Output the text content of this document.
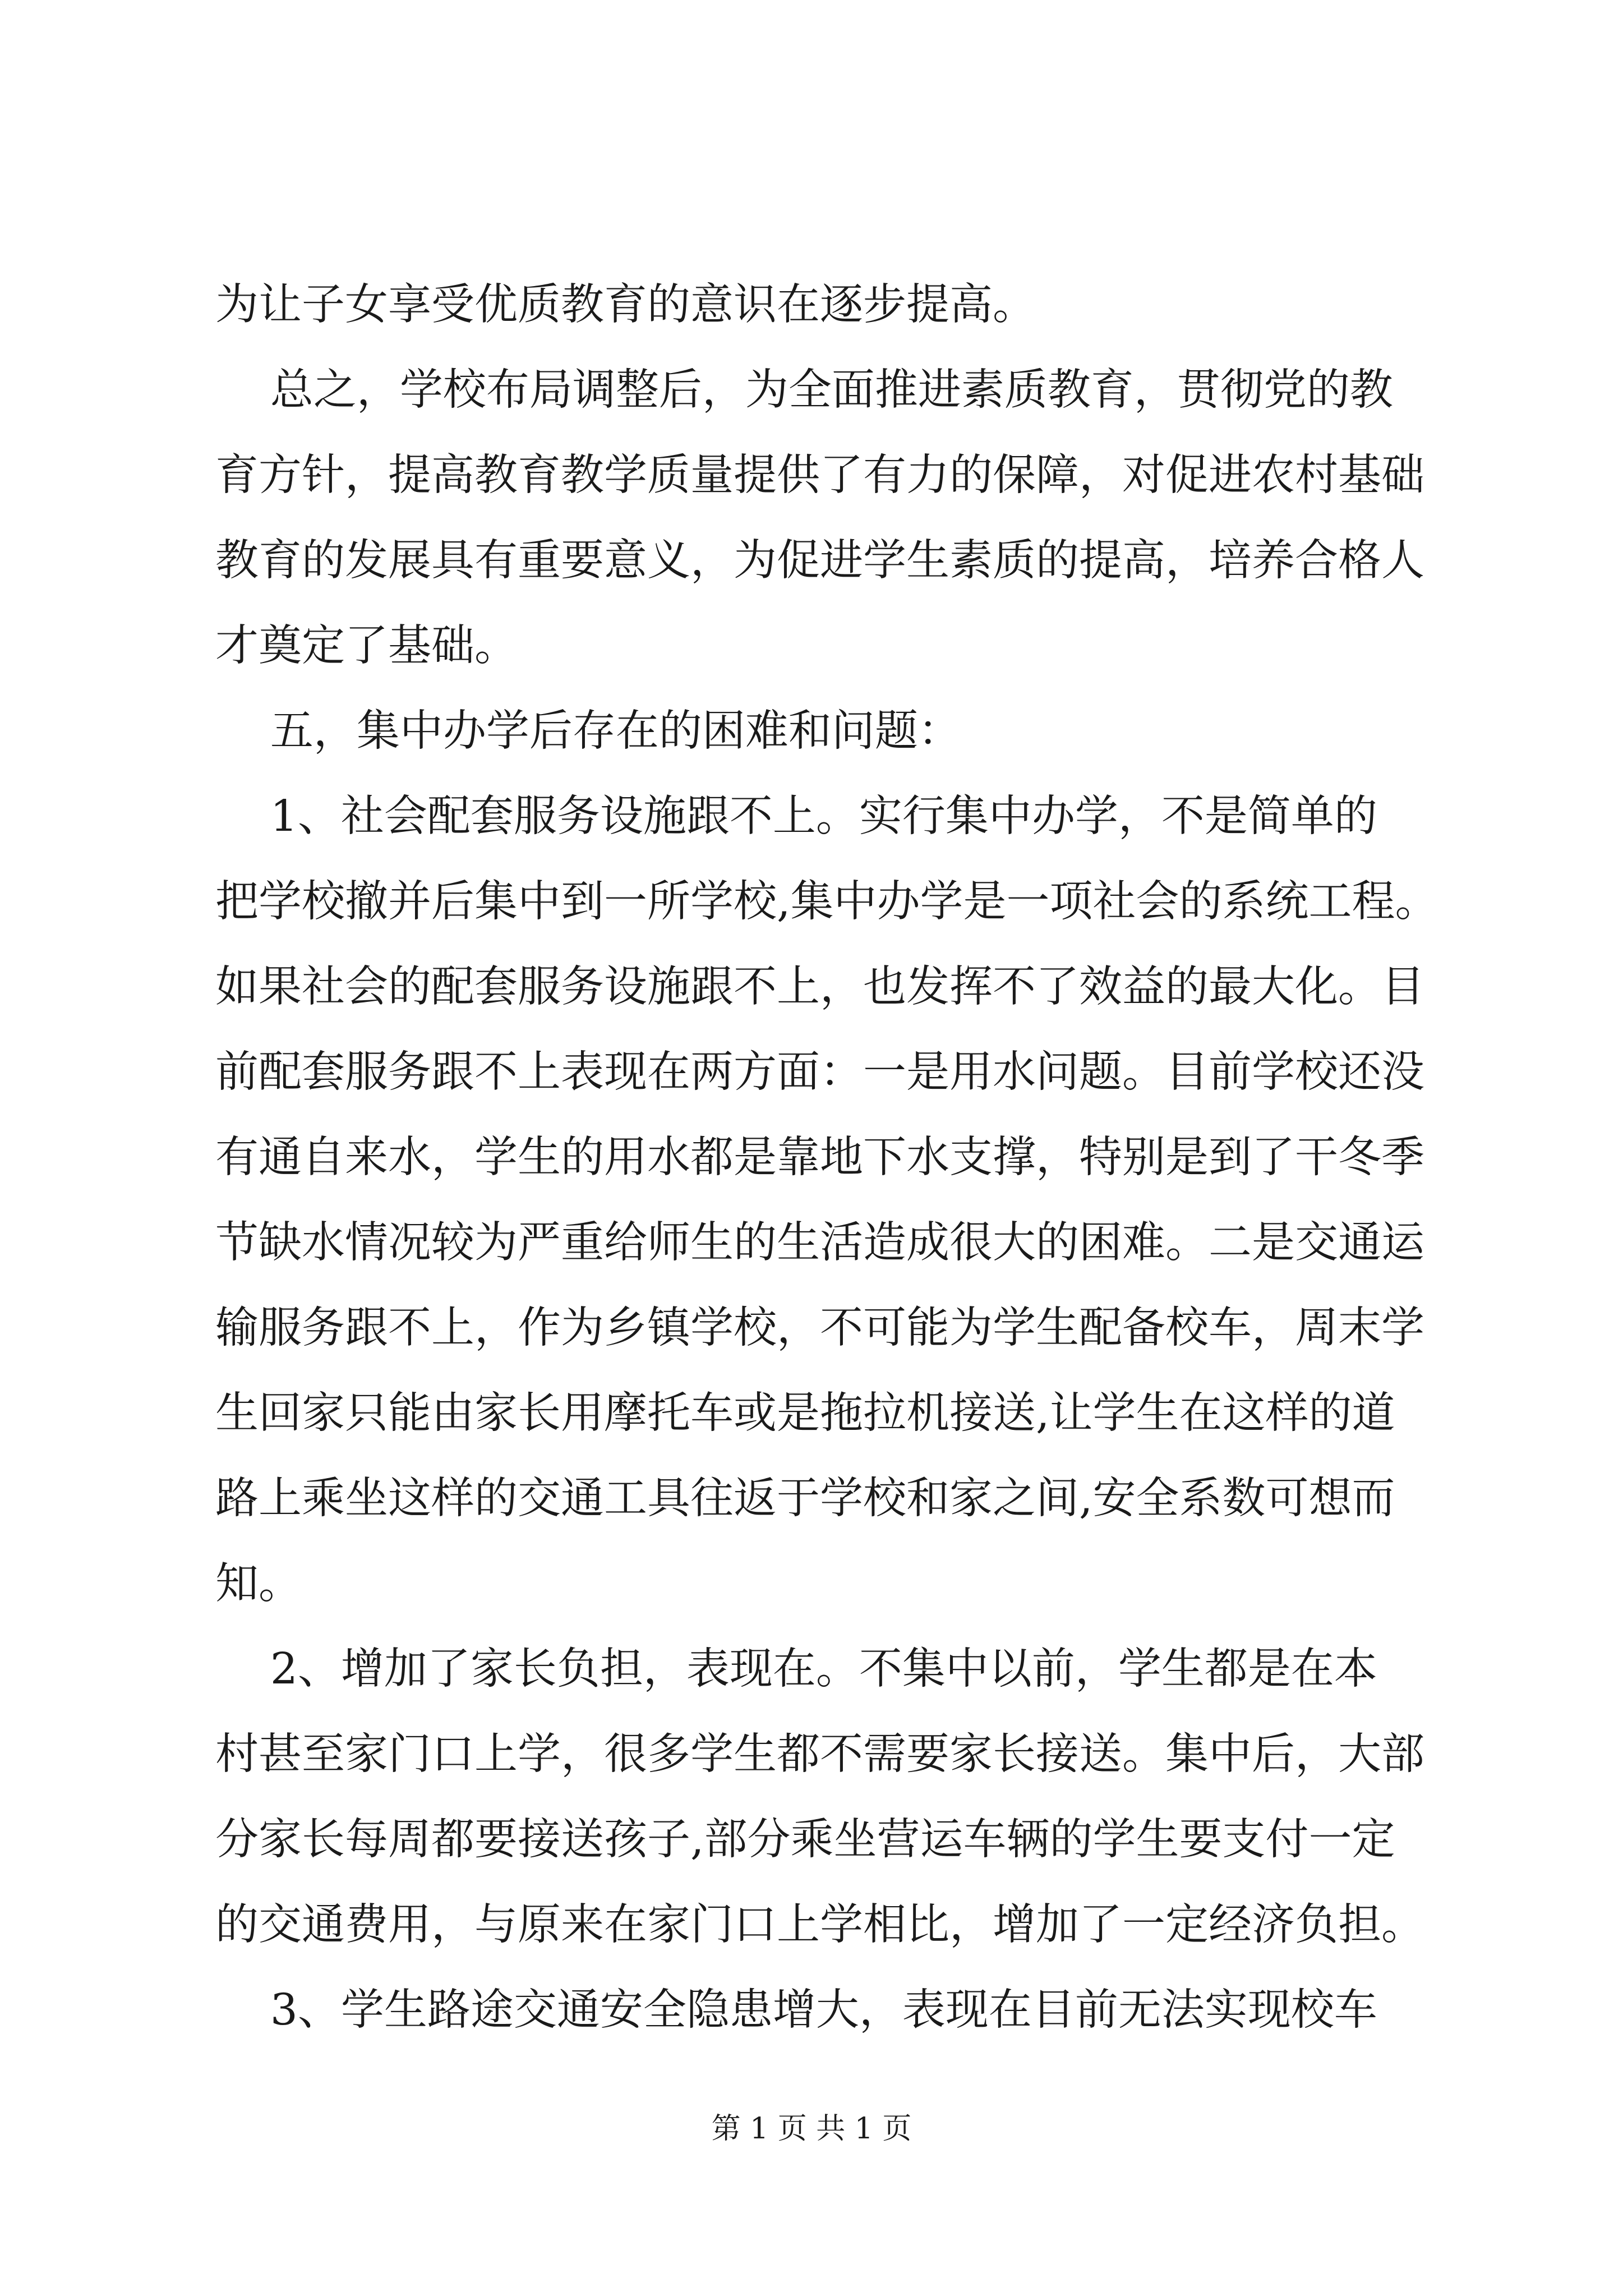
为让子女享受优质教育的意识在逐步提高。

总之，学校布局调整后，为全面推进素质教育，贯彻党的教

育方针，提高教育教学质量提供了有力的保障，对促进农村基础

教育的发展具有重要意义，为促进学生素质的提高，培养合格人

才奠定了基础。

五，集中办学后存在的困难和问题：

1、社会配套服务设施跟不上。实行集中办学，不是简单的

把学校撤并后集中到一所学校,集中办学是一项社会的系统工程。

如果社会的配套服务设施跟不上，也发挥不了效益的最大化。目

前配套服务跟不上表现在两方面：一是用水问题。目前学校还没

有通自来水，学生的用水都是靠地下水支撑，特别是到了干冬季

节缺水情况较为严重给师生的生活造成很大的困难。二是交通运

输服务跟不上，作为乡镇学校，不可能为学生配备校车，周末学

生回家只能由家长用摩托车或是拖拉机接送,让学生在这样的道

路上乘坐这样的交通工具往返于学校和家之间,安全系数可想而

知。

2、增加了家长负担，表现在。不集中以前，学生都是在本

村甚至家门口上学，很多学生都不需要家长接送。集中后，大部

分家长每周都要接送孩子,部分乘坐营运车辆的学生要支付一定

的交通费用，与原来在家门口上学相比，增加了一定经济负担。

3、学生路途交通安全隐患增大，表现在目前无法实现校车

第 1 页 共 1 页
